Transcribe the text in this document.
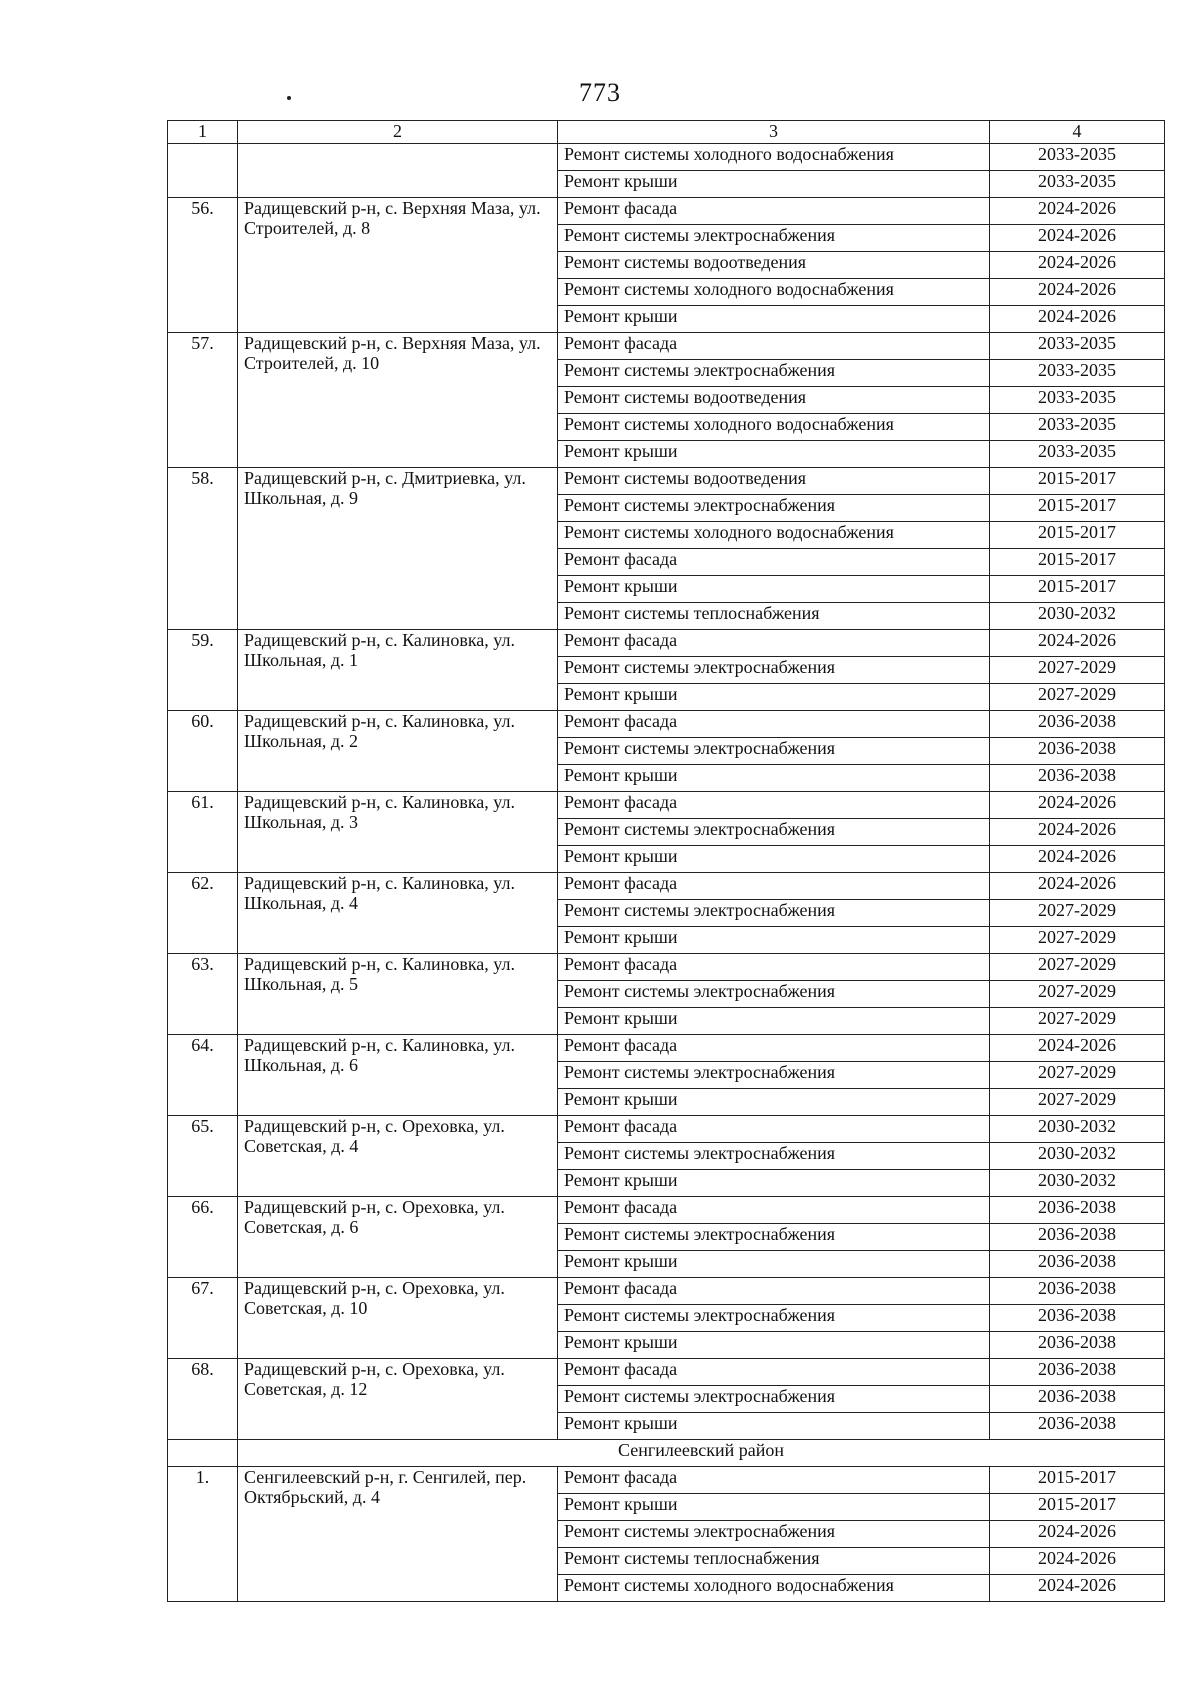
773
1	2	3	4
		Ремонт системы холодного водоснабжения	2033-2035
		Ремонт крыши	2033-2035
56.	Радищевский р-н, с. Верхняя Маза, ул. Строителей, д. 8	Ремонт фасада	2024-2026
		Ремонт системы электроснабжения	2024-2026
		Ремонт системы водоотведения	2024-2026
		Ремонт системы холодного водоснабжения	2024-2026
		Ремонт крыши	2024-2026
57.	Радищевский р-н, с. Верхняя Маза, ул. Строителей, д. 10	Ремонт фасада	2033-2035
		Ремонт системы электроснабжения	2033-2035
		Ремонт системы водоотведения	2033-2035
		Ремонт системы холодного водоснабжения	2033-2035
		Ремонт крыши	2033-2035
58.	Радищевский р-н, с. Дмитриевка, ул. Школьная, д. 9	Ремонт системы водоотведения	2015-2017
		Ремонт системы электроснабжения	2015-2017
		Ремонт системы холодного водоснабжения	2015-2017
		Ремонт фасада	2015-2017
		Ремонт крыши	2015-2017
		Ремонт системы теплоснабжения	2030-2032
59.	Радищевский р-н, с. Калиновка, ул. Школьная, д. 1	Ремонт фасада	2024-2026
		Ремонт системы электроснабжения	2027-2029
		Ремонт крыши	2027-2029
60.	Радищевский р-н, с. Калиновка, ул. Школьная, д. 2	Ремонт фасада	2036-2038
		Ремонт системы электроснабжения	2036-2038
		Ремонт крыши	2036-2038
61.	Радищевский р-н, с. Калиновка, ул. Школьная, д. 3	Ремонт фасада	2024-2026
		Ремонт системы электроснабжения	2024-2026
		Ремонт крыши	2024-2026
62.	Радищевский р-н, с. Калиновка, ул. Школьная, д. 4	Ремонт фасада	2024-2026
		Ремонт системы электроснабжения	2027-2029
		Ремонт крыши	2027-2029
63.	Радищевский р-н, с. Калиновка, ул. Школьная, д. 5	Ремонт фасада	2027-2029
		Ремонт системы электроснабжения	2027-2029
		Ремонт крыши	2027-2029
64.	Радищевский р-н, с. Калиновка, ул. Школьная, д. 6	Ремонт фасада	2024-2026
		Ремонт системы электроснабжения	2027-2029
		Ремонт крыши	2027-2029
65.	Радищевский р-н, с. Ореховка, ул. Советская, д. 4	Ремонт фасада	2030-2032
		Ремонт системы электроснабжения	2030-2032
		Ремонт крыши	2030-2032
66.	Радищевский р-н, с. Ореховка, ул. Советская, д. 6	Ремонт фасада	2036-2038
		Ремонт системы электроснабжения	2036-2038
		Ремонт крыши	2036-2038
67.	Радищевский р-н, с. Ореховка, ул. Советская, д. 10	Ремонт фасада	2036-2038
		Ремонт системы электроснабжения	2036-2038
		Ремонт крыши	2036-2038
68.	Радищевский р-н, с. Ореховка, ул. Советская, д. 12	Ремонт фасада	2036-2038
		Ремонт системы электроснабжения	2036-2038
		Ремонт крыши	2036-2038
	Сенгилеевский район		
1.	Сенгилеевский р-н, г. Сенгилей, пер. Октябрьский, д. 4	Ремонт фасада	2015-2017
		Ремонт крыши	2015-2017
		Ремонт системы электроснабжения	2024-2026
		Ремонт системы теплоснабжения	2024-2026
		Ремонт системы холодного водоснабжения	2024-2026
